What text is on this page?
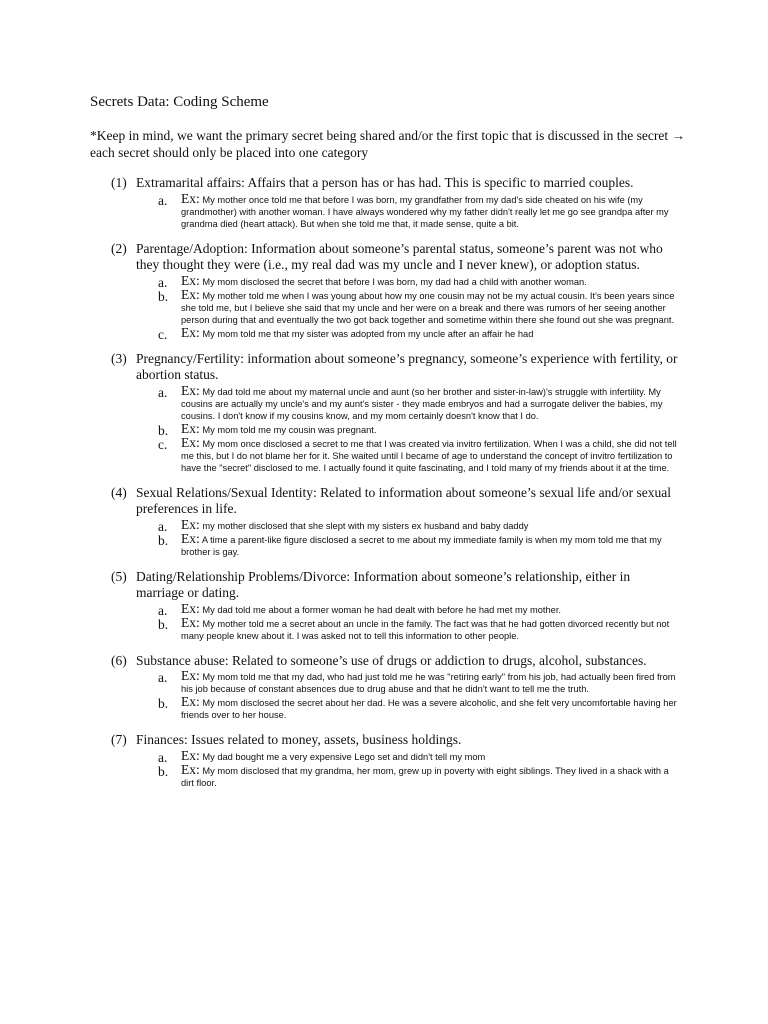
Secrets Data: Coding Scheme
*Keep in mind, we want the primary secret being shared and/or the first topic that is discussed in the secret → each secret should only be placed into one category
(1) Extramarital affairs: Affairs that a person has or has had. This is specific to married couples.
a. Ex: My mother once told me that before I was born, my grandfather from my dad's side cheated on his wife (my grandmother) with another woman. I have always wondered why my father didn't really let me go see grandpa after my grandma died (heart attack). But when she told me that, it made sense, quite a bit.
(2) Parentage/Adoption: Information about someone’s parental status, someone’s parent was not who they thought they were (i.e., my real dad was my uncle and I never knew), or adoption status.
a. Ex: My mom disclosed the secret that before I was born, my dad had a child with another woman.
b. Ex: My mother told me when I was young about how my one cousin may not be my actual cousin. It's been years since she told me, but I believe she said that my uncle and her were on a break and there was rumors of her seeing another person during that and eventually the two got back together and sometime within there she found out she was pregnant.
c. Ex: My mom told me that my sister was adopted from my uncle after an affair he had
(3) Pregnancy/Fertility: information about someone’s pregnancy, someone’s experience with fertility, or abortion status.
a. Ex: My dad told me about my maternal uncle and aunt (so her brother and sister-in-law)'s struggle with infertility. My cousins are actually my uncle's and my aunt's sister - they made embryos and had a surrogate deliver the babies, my cousins. I don't know if my cousins know, and my mom certainly doesn't know that I do.
b. Ex: My mom told me my cousin was pregnant.
c. Ex: My mom once disclosed a secret to me that I was created via invitro fertilization. When I was a child, she did not tell me this, but I do not blame her for it. She waited until I became of age to understand the concept of invitro fertilization to have the "secret" disclosed to me. I actually found it quite fascinating, and I told many of my friends about it at the time.
(4) Sexual Relations/Sexual Identity: Related to information about someone’s sexual life and/or sexual preferences in life.
a. Ex: my mother disclosed that she slept with my sisters ex husband and baby daddy
b. Ex: A time a parent-like figure disclosed a secret to me about my immediate family is when my mom told me that my brother is gay.
(5) Dating/Relationship Problems/Divorce: Information about someone’s relationship, either in marriage or dating.
a. Ex: My dad told me about a former woman he had dealt with before he had met my mother.
b. Ex: My mother told me a secret about an uncle in the family. The fact was that he had gotten divorced recently but not many people knew about it. I was asked not to tell this information to other people.
(6) Substance abuse: Related to someone’s use of drugs or addiction to drugs, alcohol, substances.
a. Ex: My mom told me that my dad, who had just told me he was "retiring early" from his job, had actually been fired from his job because of constant absences due to drug abuse and that he didn't want to tell me the truth.
b. Ex: My mom disclosed the secret about her dad. He was a severe alcoholic, and she felt very uncomfortable having her friends over to her house.
(7) Finances: Issues related to money, assets, business holdings.
a. Ex: My dad bought me a very expensive Lego set and didn't tell my mom
b. Ex: My mom disclosed that my grandma, her mom, grew up in poverty with eight siblings. They lived in a shack with a dirt floor.
